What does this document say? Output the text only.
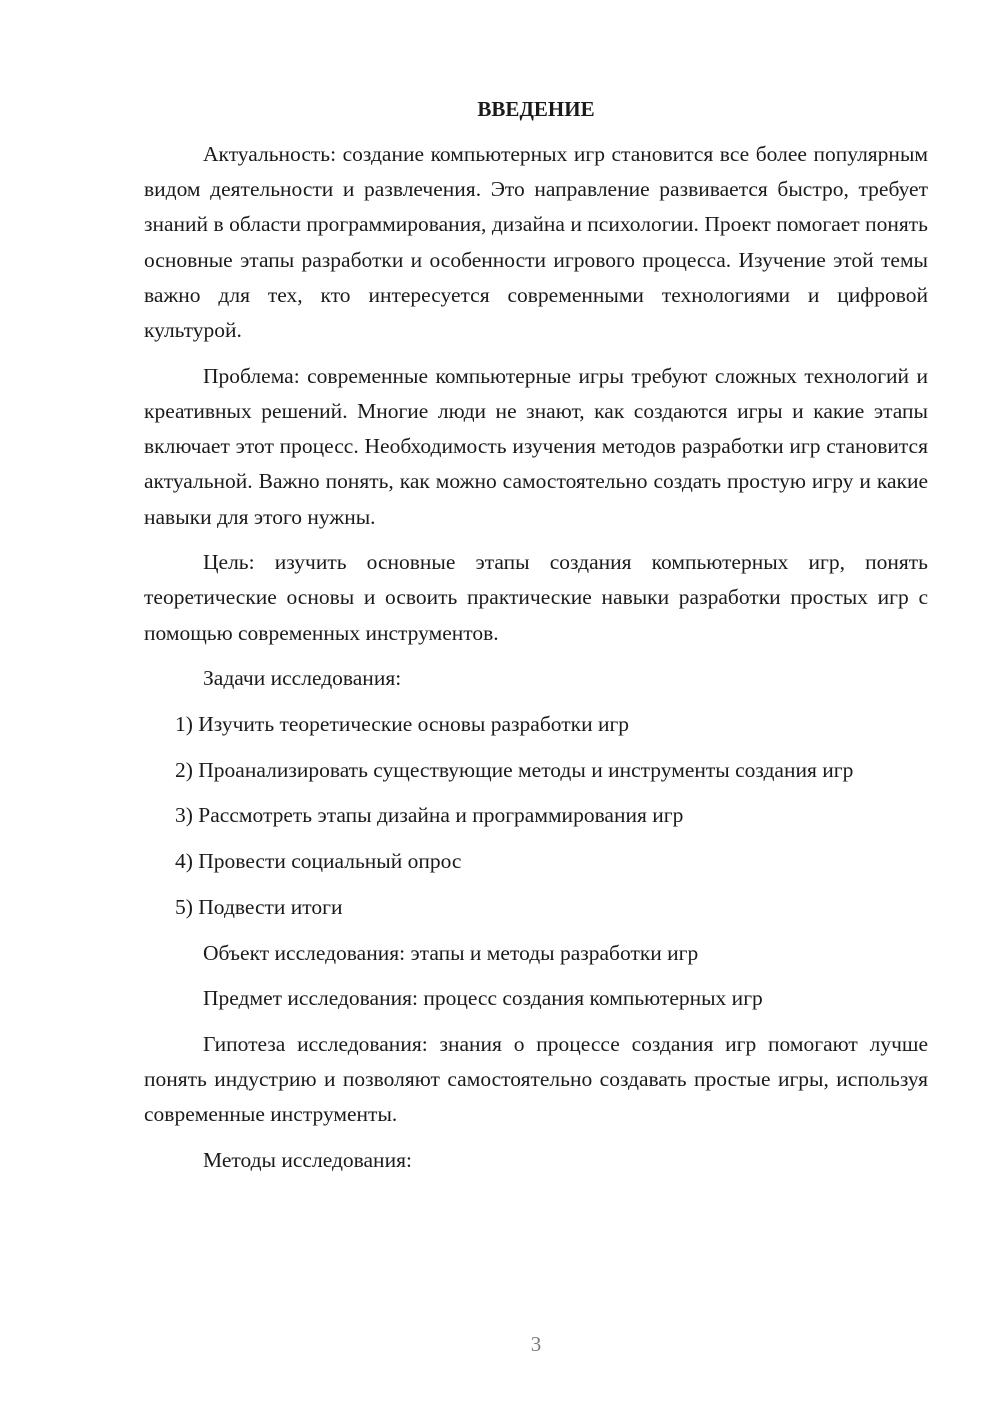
ВВЕДЕНИЕ

Актуальность: создание компьютерных игр становится все более популярным видом деятельности и развлечения. Это направление развивается быстро, требует знаний в области программирования, дизайна и психологии. Проект помогает понять основные этапы разработки и особенности игрового процесса. Изучение этой темы важно для тех, кто интересуется современными технологиями и цифровой культурой.

Проблема: современные компьютерные игры требуют сложных технологий и креативных решений. Многие люди не знают, как создаются игры и какие этапы включает этот процесс. Необходимость изучения методов разработки игр становится актуальной. Важно понять, как можно самостоятельно создать простую игру и какие навыки для этого нужны.

Цель: изучить основные этапы создания компьютерных игр, понять теоретические основы и освоить практические навыки разработки простых игр с помощью современных инструментов.

Задачи исследования:

1) Изучить теоретические основы разработки игр

2) Проанализировать существующие методы и инструменты создания игр

3) Рассмотреть этапы дизайна и программирования игр

4) Провести социальный опрос

5) Подвести итоги

Объект исследования: этапы и методы разработки игр

Предмет исследования: процесс создания компьютерных игр

Гипотеза исследования: знания о процессе создания игр помогают лучше понять индустрию и позволяют самостоятельно создавать простые игры, используя современные инструменты.

Методы исследования:

3
